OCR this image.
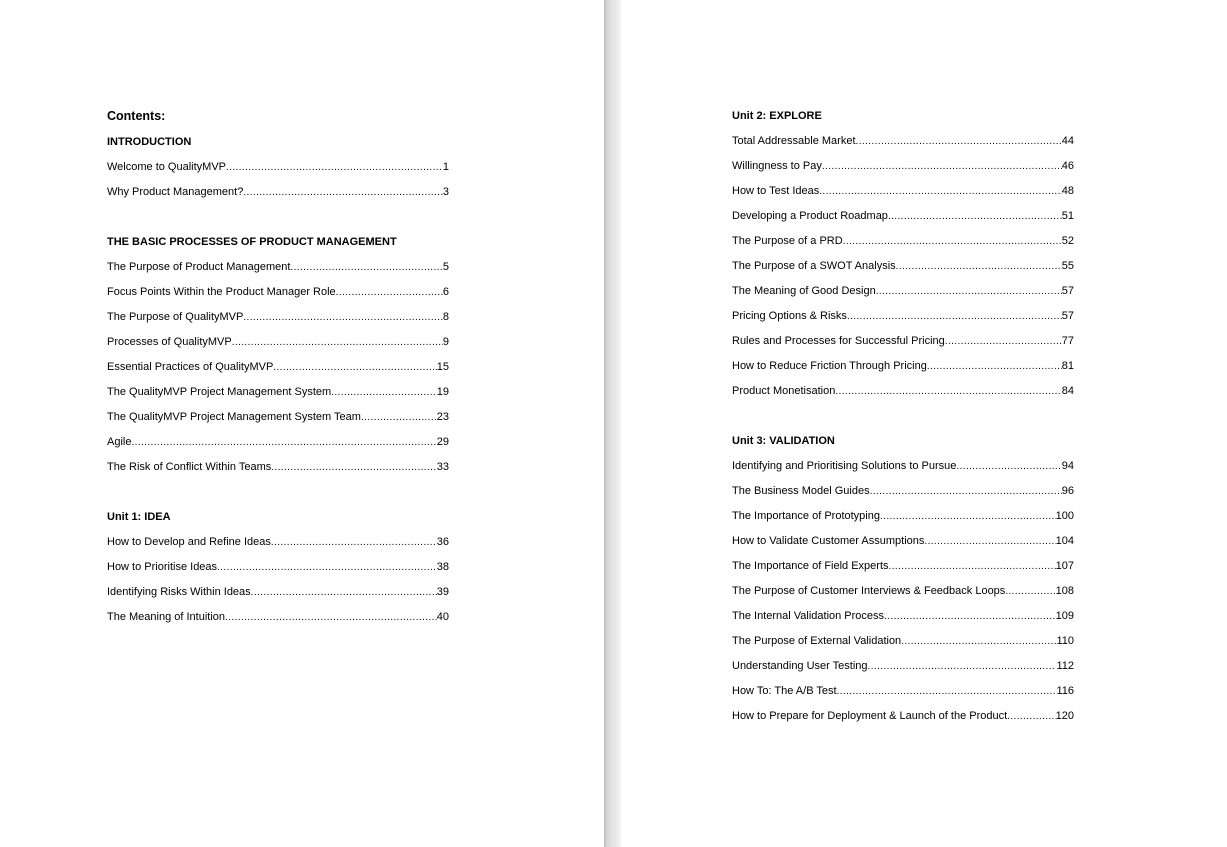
Contents:
INTRODUCTION
Welcome to QualityMVP .....	1
Why Product Management? .....	3
THE BASIC PROCESSES OF PRODUCT MANAGEMENT
The Purpose of Product Management .....	5
Focus Points Within the Product Manager Role .....	6
The Purpose of QualityMVP .....	8
Processes of QualityMVP .....	9
Essential Practices of QualityMVP .....	15
The QualityMVP Project Management System .....	19
The QualityMVP Project Management System Team .....	23
Agile .....	29
The Risk of Conflict Within Teams .....	33
Unit 1: IDEA
How to Develop and Refine Ideas .....	36
How to Prioritise Ideas .....	38
Identifying Risks Within Ideas .....	39
The Meaning of Intuition .....	40
Unit 2: EXPLORE
Total Addressable Market .....	44
Willingness to Pay .....	46
How to Test Ideas .....	48
Developing a Product Roadmap .....	51
The Purpose of a PRD .....	52
The Purpose of a SWOT Analysis .....	55
The Meaning of Good Design .....	57
Pricing Options & Risks .....	57
Rules and Processes for Successful Pricing .....	77
How to Reduce Friction Through Pricing .....	81
Product Monetisation .....	84
Unit 3: VALIDATION
Identifying and Prioritising Solutions to Pursue .....	94
The Business Model Guides .....	96
The Importance of Prototyping .....	100
How to Validate Customer Assumptions .....	104
The Importance of Field Experts .....	107
The Purpose of Customer Interviews & Feedback Loops .....	108
The Internal Validation Process .....	109
The Purpose of External Validation .....	110
Understanding User Testing .....	112
How To: The A/B Test .....	116
How to Prepare for Deployment & Launch of the Product .....	120
